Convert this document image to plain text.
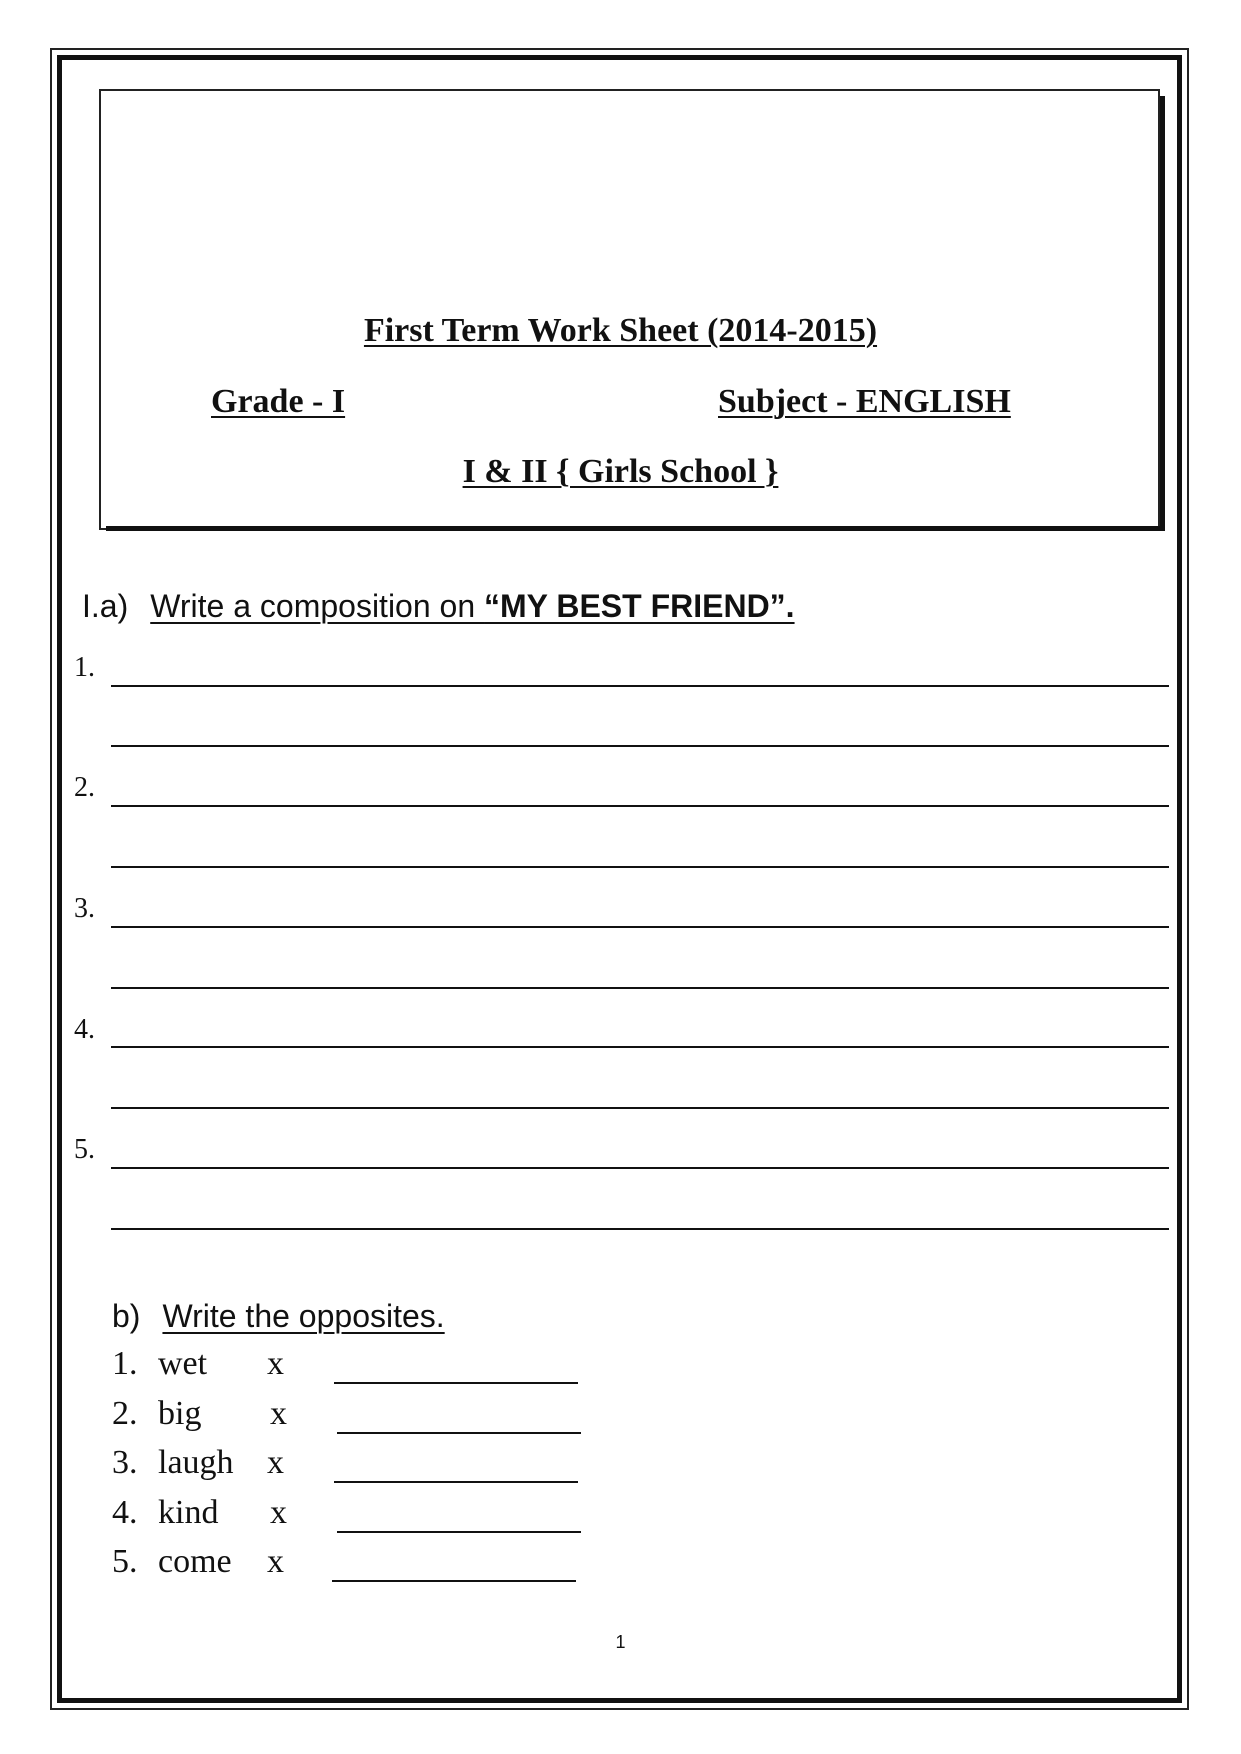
First Term Work Sheet (2014-2015)
Grade - I	Subject - ENGLISH
I & II { Girls School }
I.a) Write a composition on “MY BEST FRIEND”.
1.
2.
3.
4.
5.
b) Write the opposites.
1. wet x
2. big x
3. laugh x
4. kind x
5. come x
1
